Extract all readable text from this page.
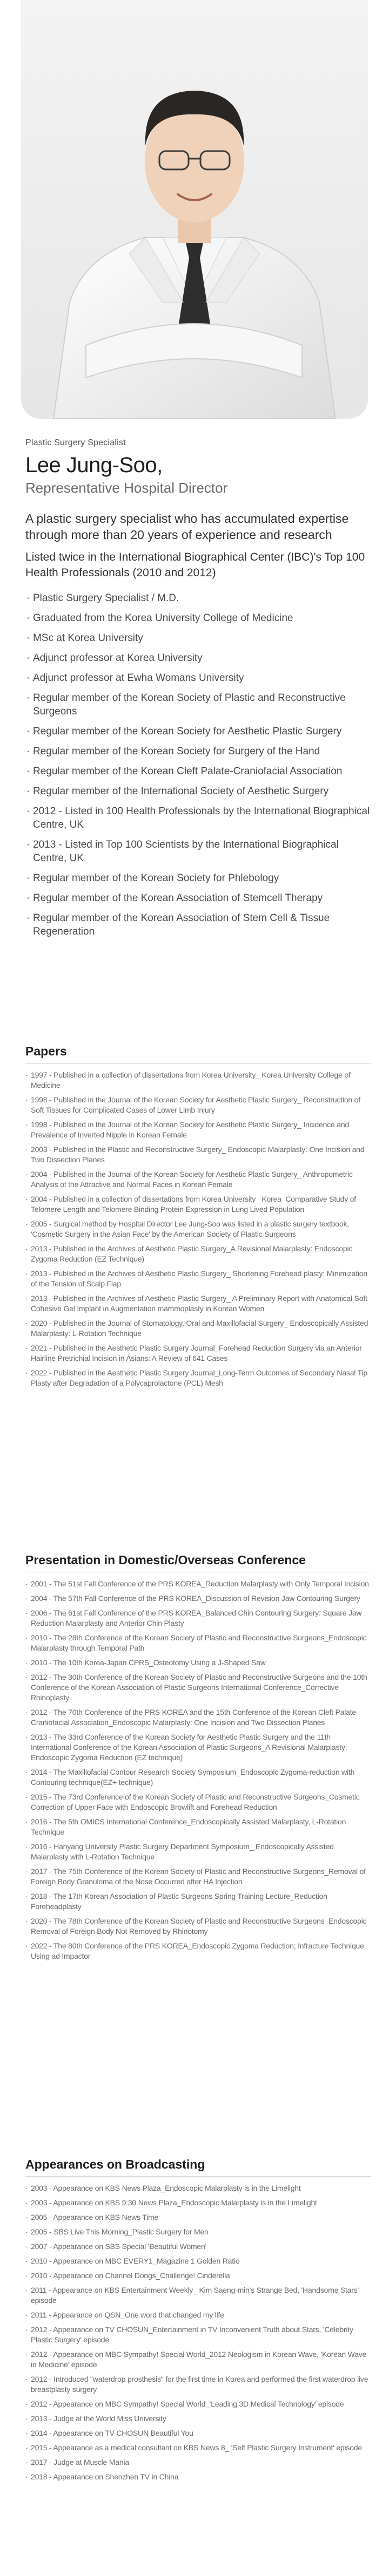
Plastic Surgery Specialist
Lee Jung-Soo,
Representative Hospital Director

A plastic surgery specialist who has accumulated expertise through more than 20 years of experience and research

Listed twice in the International Biographical Center (IBC)'s Top 100 Health Professionals (2010 and 2012)

· Plastic Surgery Specialist / M.D.
· Graduated from the Korea University College of Medicine
· MSc at Korea University
· Adjunct professor at Korea University
· Adjunct professor at Ewha Womans University
· Regular member of the Korean Society of Plastic and Reconstructive Surgeons
· Regular member of the Korean Society for Aesthetic Plastic Surgery
· Regular member of the Korean Society for Surgery of the Hand
· Regular member of the Korean Cleft Palate-Craniofacial Association
· Regular member of the International Society of Aesthetic Surgery
· 2012 - Listed in 100 Health Professionals by the International Biographical Centre, UK
· 2013 - Listed in Top 100 Scientists by the International Biographical Centre, UK
· Regular member of the Korean Society for Phlebology
· Regular member of the Korean Association of Stemcell Therapy
· Regular member of the Korean Association of Stem Cell & Tissue Regeneration
Papers
· 1997 - Published in a collection of dissertations from Korea University_ Korea University College of Medicine
· 1998 - Published in the Journal of the Korean Society for Aesthetic Plastic Surgery_ Reconstruction of Soft Tissues for Complicated Cases of Lower Limb Injury
· 1998 - Published in the Journal of the Korean Society for Aesthetic Plastic Surgery_ Incidence and Prevalence of Inverted Nipple in Korean Female
· 2003 - Published in the Plastic and Reconstructive Surgery_ Endoscopic Malarplasty: One Incision and Two Dissection Planes
· 2004 - Published in the Journal of the Korean Society for Aesthetic Plastic Surgery_ Anthropometric Analysis of the Attractive and Normal Faces in Korean Female
· 2004 - Published in a collection of dissertations from Korea University_ Korea_Comparative Study of Telomere Length and Telomere Binding Protein Expression in Lung Lived Population
· 2005 - Surgical method by Hospital Director Lee Jung-Soo was listed in a plastic surgery textbook, 'Cosmetic Surgery in the Asian Face' by the American Society of Plastic Surgeons
· 2013 - Published in the Archives of Aesthetic Plastic Surgery_A Revisional Malarplasty: Endoscopic Zygoma Reduction (EZ Technique)
· 2013 - Published in the Archives of Aesthetic Plastic Surgery_ Shortening Forehead plasty: Minimization of the Tension of Scalp Flap
· 2013 - Published in the Archives of Aesthetic Plastic Surgery_ A Preliminary Report with Anatomical Soft Cohesive Gel Implant in Augmentation mammoplasty in Korean Women
· 2020 - Published in the Journal of Stomatology, Oral and Maxillofacial Surgery_ Endoscopically Assisted Malarplasty: L-Rotation Technique
· 2021 - Published in the Aesthetic Plastic Surgery Journal_Forehead Reduction Surgery via an Anterior Hairline Pretrichial Incision in Asians: A Review of 641 Cases
· 2022 - Published in the Aesthetic Plastic Surgery Journal_Long-Term Outcomes of Secondary Nasal Tip Plasty after Degradation of a Polycaprolactone (PCL) Mesh
Presentation in Domestic/Overseas Conference
· 2001 - The 51st Fall Conference of the PRS KOREA_Reduction Malarplasty with Only Temporal Incision
· 2004 - The 57th Fall Conference of the PRS KOREA_Discussion of Revision Jaw Contouring Surgery
· 2006 - The 61st Fall Conference of the PRS KOREA_Balanced Chin Contouring Surgery: Square Jaw Reduction Malarplasty and Anterior Chin Plasty
· 2010 - The 28th Conference of the Korean Society of Plastic and Reconstructive Surgeons_Endoscopic Malarplasty through Temporal Path
· 2010 - The 10th Korea-Japan CPRS_Osteotomy Using a J-Shaped Saw
· 2012 - The 30th Conference of the Korean Society of Plastic and Reconstructive Surgeons and the 10th Conference of the Korean Association of Plastic Surgeons International Conference_Corrective Rhinoplasty
· 2012 - The 70th Conference of the PRS KOREA and the 15th Conference of the Korean Cleft Palate-Craniofacial Association_Endoscopic Malarplasty: One Incision and Two Dissection Planes
· 2013 - The 33rd Conference of the Korean Society for Aesthetic Plastic Surgery and the 11th International Conference of the Korean Association of Plastic Surgeons_A Revisional Malarplasty: Endoscopic Zygoma Reduction (EZ technique)
· 2014 - The Maxillofacial Contour Research Society Symposium_Endoscopic Zygoma-reduction with Contouring technique(EZ+ technique)
· 2015 - The 73rd Conference of the Korean Society of Plastic and Reconstructive Surgeons_Cosmetic Correction of Upper Face with Endoscopic Browlift and Forehead Reduction
· 2016 - The 5th OMICS International Conference_Endoscopically Assisted Malarplasty, L-Rotation Technique
· 2016 - Hanyang University Plastic Surgery Department Symposium_ Endoscopically Assisted Malarplasty with L-Rotation Technique
· 2017 - The 75th Conference of the Korean Society of Plastic and Reconstructive Surgeons_Removal of Foreign Body Granuloma of the Nose Occurred after HA Injection
· 2018 - The 17th Korean Association of Plastic Surgeons Spring Training Lecture_Reduction Foreheadplasty
· 2020 - The 78th Conference of the Korean Society of Plastic and Reconstructive Surgeons_Endoscopic Removal of Foreign Body Not Removed by Rhinotomy
· 2022 - The 80th Conference of the PRS KOREA_Endoscopic Zygoma Reduction; Infracture Technique Using ad Impactor
Appearances on Broadcasting
· 2003 - Appearance on KBS News Plaza_Endoscopic Malarplasty is in the Limelight
· 2003 - Appearance on KBS 9:30 News Plaza_Endoscopic Malarplasty is in the Limelight
· 2005 - Appearance on KBS News Time
· 2005 - SBS Live This Morning_Plastic Surgery for Men
· 2007 - Appearance on SBS Special 'Beautiful Women'
· 2010 - Appearance on MBC EVERY1_Magazine 1 Golden Ratio
· 2010 - Appearance on Channel Dongs_Challenge! Cinderella
· 2011 - Appearance on KBS Entertainment Weekly_ Kim Saeng-min's Strange Bed, 'Handsome Stars' episode
· 2011 - Appearance on QSN_One word that changed my life
· 2012 - Appearance on TV CHOSUN_Entertainment in TV Inconvenient Truth about Stars, 'Celebrity Plastic Surgery' episode
· 2012 - Appearance on MBC Sympathy! Special World_2012 Neologism in Korean Wave, 'Korean Wave in Medicine' episode
· 2012 - Introduced "waterdrop prosthesis" for the first time in Korea and performed the first waterdrop live breastplasty surgery
· 2012 - Appearance on MBC Sympathy! Special World_'Leading 3D Medical Technology' episode
· 2013 - Judge at the World Miss University
· 2014 - Appearance on TV CHOSUN Beautiful You
· 2015 - Appearance as a medical consultant on KBS News 8_ 'Self Plastic Surgery Instrument' episode
· 2017 - Judge at Muscle Mania
· 2018 - Appearance on Shenzhen TV in China
